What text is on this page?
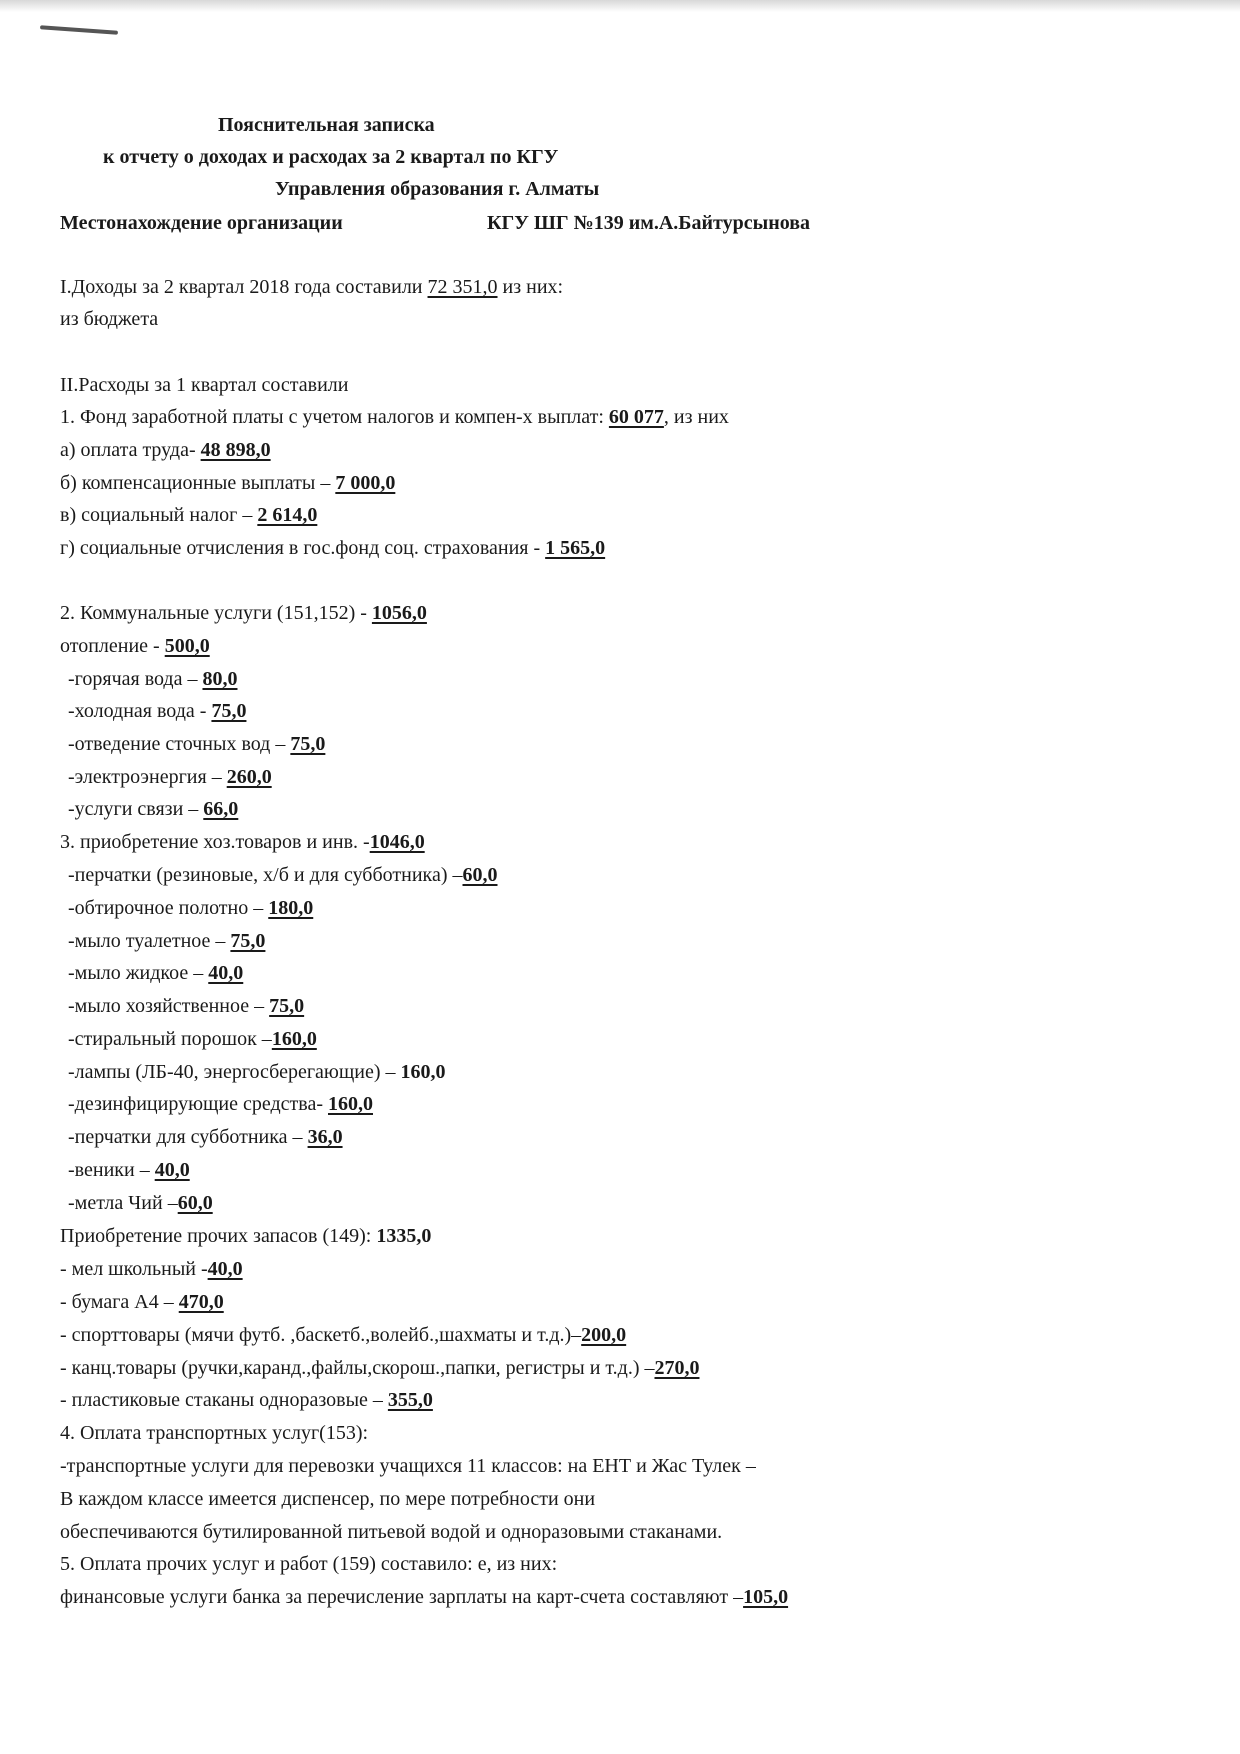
Пояснительная записка
к отчету о доходах и расходах за 2 квартал по КГУ
Управления образования г. Алматы
Местонахождение организации	КГУ ШГ №139 им.А.Байтурсынова
I.Доходы за 2 квартал 2018 года составили 72 351,0 из них:
из бюджета
II.Расходы за 1 квартал составили
1. Фонд заработной платы с учетом налогов и компен-х выплат: 60 077, из них
а) оплата труда- 48 898,0
б) компенсационные выплаты – 7 000,0
в) социальный налог – 2 614,0
г) социальные отчисления в гос.фонд соц. страхования - 1 565,0
2. Коммунальные услуги (151,152) - 1056,0
отопление - 500,0
-горячая вода – 80,0
-холодная вода - 75,0
-отведение сточных вод – 75,0
-электроэнергия – 260,0
-услуги связи – 66,0
3. приобретение хоз.товаров и инв. -1046,0
-перчатки (резиновые, х/б и для субботника) –60,0
-обтирочное полотно – 180,0
-мыло туалетное – 75,0
-мыло жидкое – 40,0
-мыло хозяйственное – 75,0
-стиральный порошок –160,0
-лампы (ЛБ-40, энергосберегающие) – 160,0
-дезинфицирующие средства- 160,0
-перчатки для субботника – 36,0
-веники – 40,0
-метла Чий –60,0
Приобретение прочих запасов (149): 1335,0
- мел школьный -40,0
- бумага А4 – 470,0
- спорттовары (мячи футб. ,баскетб.,волейб.,шахматы и т.д.)–200,0
- канц.товары (ручки,каранд.,файлы,скорош.,папки, регистры и т.д.) –270,0
- пластиковые стаканы одноразовые – 355,0
4. Оплата транспортных услуг(153):
-транспортные услуги для перевозки учащихся 11 классов: на ЕНТ и Жас Тулек –
В каждом классе имеется диспенсер, по мере потребности они
обеспечиваются бутилированной питьевой водой и одноразовыми стаканами.
5. Оплата прочих услуг и работ (159) составило: е, из них:
финансовые услуги банка за перечисление зарплаты на карт-счета составляют –105,0
